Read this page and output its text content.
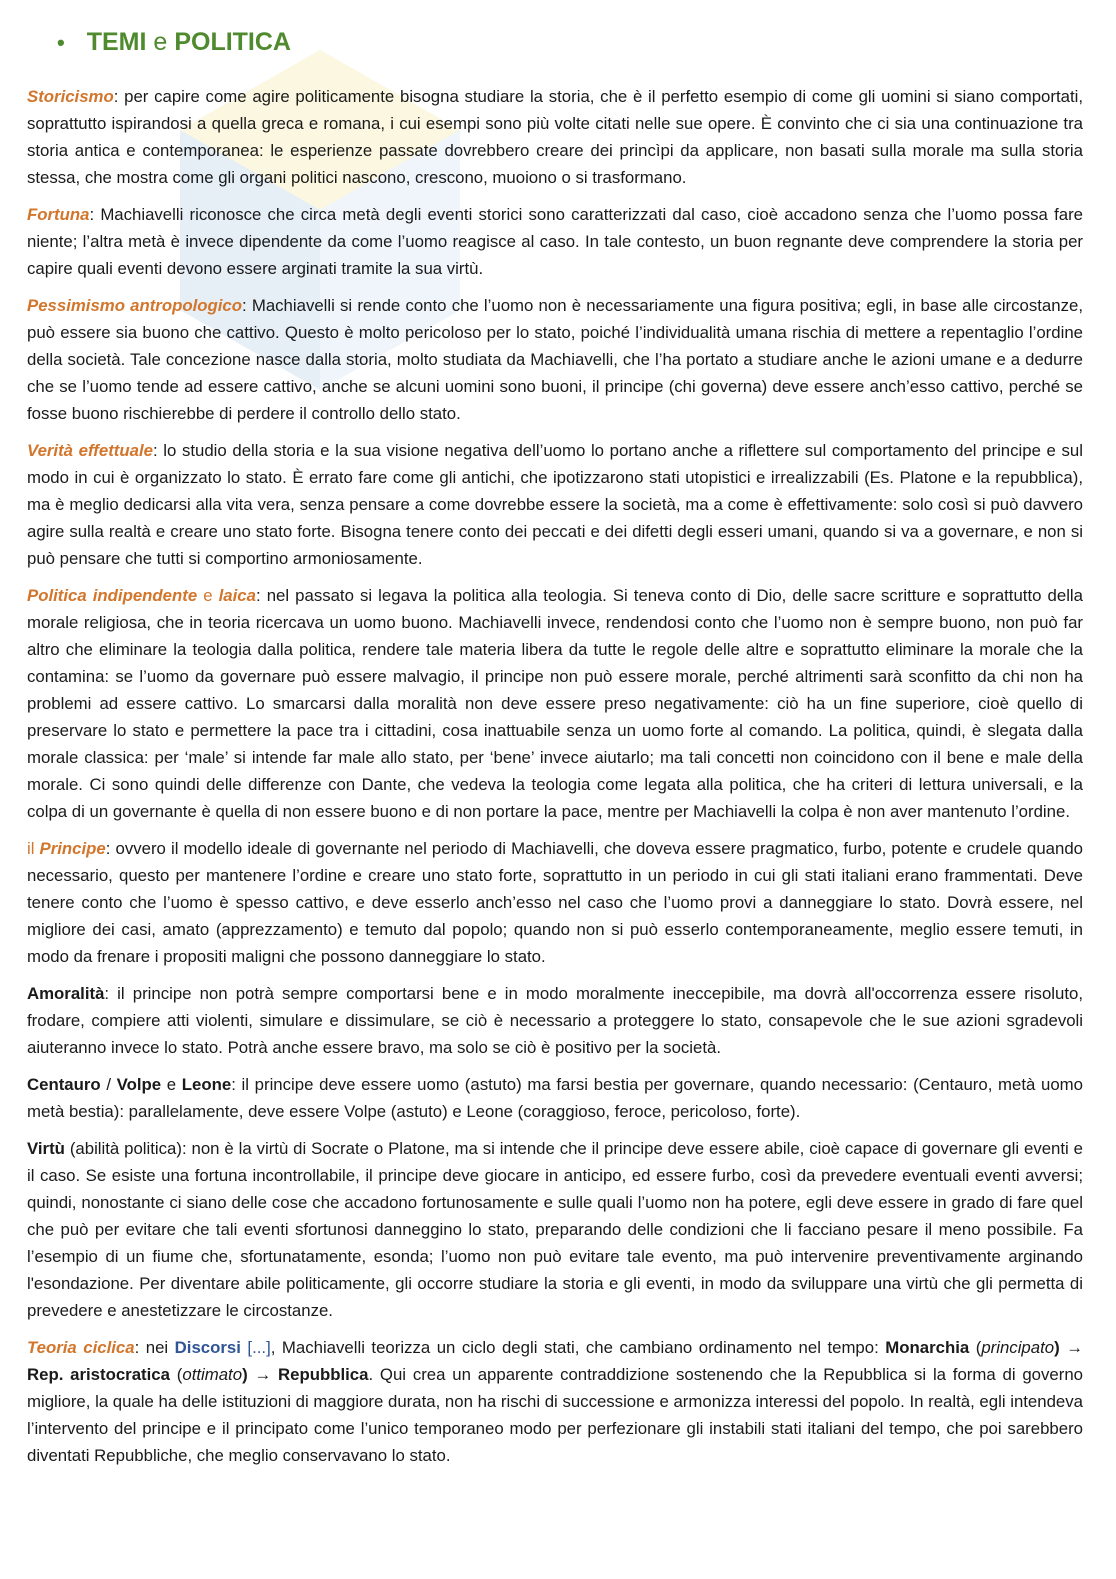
• TEMI e POLITICA

Storicismo: per capire come agire politicamente bisogna studiare la storia, che è il perfetto esempio di come gli uomini si siano comportati, soprattutto ispirandosi a quella greca e romana, i cui esempi sono più volte citati nelle sue opere. È convinto che ci sia una continuazione tra storia antica e contemporanea: le esperienze passate dovrebbero creare dei princìpi da applicare, non basati sulla morale ma sulla storia stessa, che mostra come gli organi politici nascono, crescono, muoiono o si trasformano.

Fortuna: Machiavelli riconosce che circa metà degli eventi storici sono caratterizzati dal caso, cioè accadono senza che l’uomo possa fare niente; l’altra metà è invece dipendente da come l’uomo reagisce al caso. In tale contesto, un buon regnante deve comprendere la storia per capire quali eventi devono essere arginati tramite la sua virtù.

Pessimismo antropologico: Machiavelli si rende conto che l’uomo non è necessariamente una figura positiva; egli, in base alle circostanze, può essere sia buono che cattivo. Questo è molto pericoloso per lo stato, poiché l’individualità umana rischia di mettere a repentaglio l’ordine della società. Tale concezione nasce dalla storia, molto studiata da Machiavelli, che l’ha portato a studiare anche le azioni umane e a dedurre che se l’uomo tende ad essere cattivo, anche se alcuni uomini sono buoni, il principe (chi governa) deve essere anch’esso cattivo, perché se fosse buono rischierebbe di perdere il controllo dello stato.

Verità effettuale: lo studio della storia e la sua visione negativa dell’uomo lo portano anche a riflettere sul comportamento del principe e sul modo in cui è organizzato lo stato. È errato fare come gli antichi, che ipotizzarono stati utopistici e irrealizzabili (Es. Platone e la repubblica), ma è meglio dedicarsi alla vita vera, senza pensare a come dovrebbe essere la società, ma a come è effettivamente: solo così si può davvero agire sulla realtà e creare uno stato forte. Bisogna tenere conto dei peccati e dei difetti degli esseri umani, quando si va a governare, e non si può pensare che tutti si comportino armoniosamente.

Politica indipendente e laica: nel passato si legava la politica alla teologia. Si teneva conto di Dio, delle sacre scritture e soprattutto della morale religiosa, che in teoria ricercava un uomo buono. Machiavelli invece, rendendosi conto che l’uomo non è sempre buono, non può far altro che eliminare la teologia dalla politica, rendere tale materia libera da tutte le regole delle altre e soprattutto eliminare la morale che la contamina: se l’uomo da governare può essere malvagio, il principe non può essere morale, perché altrimenti sarà sconfitto da chi non ha problemi ad essere cattivo. Lo smarcarsi dalla moralità non deve essere preso negativamente: ciò ha un fine superiore, cioè quello di preservare lo stato e permettere la pace tra i cittadini, cosa inattuabile senza un uomo forte al comando. La politica, quindi, è slegata dalla morale classica: per ‘male’ si intende far male allo stato, per ‘bene’ invece aiutarlo; ma tali concetti non coincidono con il bene e male della morale. Ci sono quindi delle differenze con Dante, che vedeva la teologia come legata alla politica, che ha criteri di lettura universali, e la colpa di un governante è quella di non essere buono e di non portare la pace, mentre per Machiavelli la colpa è non aver mantenuto l’ordine.

il Principe: ovvero il modello ideale di governante nel periodo di Machiavelli, che doveva essere pragmatico, furbo, potente e crudele quando necessario, questo per mantenere l’ordine e creare uno stato forte, soprattutto in un periodo in cui gli stati italiani erano frammentati. Deve tenere conto che l’uomo è spesso cattivo, e deve esserlo anch’esso nel caso che l’uomo provi a danneggiare lo stato. Dovrà essere, nel migliore dei casi, amato (apprezzamento) e temuto dal popolo; quando non si può esserlo contemporaneamente, meglio essere temuti, in modo da frenare i propositi maligni che possono danneggiare lo stato.

Amoralità: il principe non potrà sempre comportarsi bene e in modo moralmente ineccepibile, ma dovrà all'occorrenza essere risoluto, frodare, compiere atti violenti, simulare e dissimulare, se ciò è necessario a proteggere lo stato, consapevole che le sue azioni sgradevoli aiuteranno invece lo stato. Potrà anche essere bravo, ma solo se ciò è positivo per la società.

Centauro / Volpe e Leone: il principe deve essere uomo (astuto) ma farsi bestia per governare, quando necessario: (Centauro, metà uomo metà bestia): parallelamente, deve essere Volpe (astuto) e Leone (coraggioso, feroce, pericoloso, forte).

Virtù (abilità politica): non è la virtù di Socrate o Platone, ma si intende che il principe deve essere abile, cioè capace di governare gli eventi e il caso. Se esiste una fortuna incontrollabile, il principe deve giocare in anticipo, ed essere furbo, così da prevedere eventuali eventi avversi; quindi, nonostante ci siano delle cose che accadono fortunosamente e sulle quali l’uomo non ha potere, egli deve essere in grado di fare quel che può per evitare che tali eventi sfortunosi danneggino lo stato, preparando delle condizioni che li facciano pesare il meno possibile. Fa l’esempio di un fiume che, sfortunatamente, esonda; l’uomo non può evitare tale evento, ma può intervenire preventivamente arginando l'esondazione. Per diventare abile politicamente, gli occorre studiare la storia e gli eventi, in modo da sviluppare una virtù che gli permetta di prevedere e anestetizzare le circostanze.

Teoria ciclica: nei Discorsi [...], Machiavelli teorizza un ciclo degli stati, che cambiano ordinamento nel tempo: Monarchia (principato) → Rep. aristocratica (ottimato) → Repubblica. Qui crea un apparente contraddizione sostenendo che la Repubblica si la forma di governo migliore, la quale ha delle istituzioni di maggiore durata, non ha rischi di successione e armonizza interessi del popolo. In realtà, egli intendeva l’intervento del principe e il principato come l’unico temporaneo modo per perfezionare gli instabili stati italiani del tempo, che poi sarebbero diventati Repubbliche, che meglio conservavano lo stato.
